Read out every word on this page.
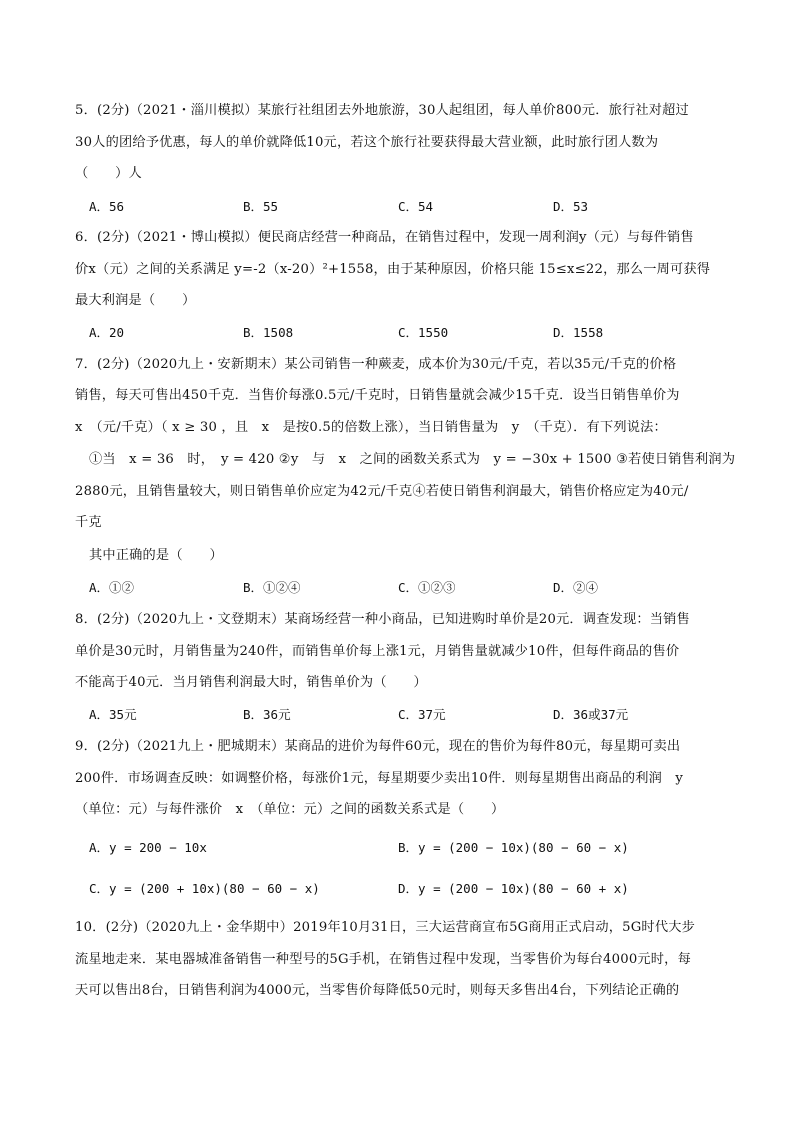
5．(2分)（2021・淄川模拟）某旅行社组团去外地旅游，30人起组团，每人单价800元．旅行社对超过
30人的团给予优惠，每人的单价就降低10元，若这个旅行社要获得最大营业额，此时旅行团人数为
（　　）人
A．56	B．55	C．54	D．53
6．(2分)（2021・博山模拟）便民商店经营一种商品，在销售过程中，发现一周利润y（元）与每件销售
价x（元）之间的关系满足 y=-2（x-20）²+1558，由于某种原因，价格只能 15≤x≤22，那么一周可获得
最大利润是（　　）
A．20	B．1508	C．1550	D．1558
7．(2分)（2020九上・安新期末）某公司销售一种蕨麦，成本价为30元/千克，若以35元/千克的价格
销售，每天可售出450千克．当售价每涨0.5元/千克时，日销售量就会减少15千克．设当日销售单价为
x　（元/千克）（ x ≥ 30 ，且　x　是按0.5的倍数上涨），当日销售量为　y　（千克）．有下列说法：
①当　x = 36　时，　y = 420 ②y　与　x　之间的函数关系式为　y = −30x + 1500 ③若使日销售利润为
2880元，且销售量较大，则日销售单价应定为42元/千克④若使日销售利润最大，销售价格应定为40元/
千克
其中正确的是（　　）
A．①②	B．①②④	C．①②③	D．②④
8．(2分)（2020九上・文登期末）某商场经营一种小商品，已知进购时单价是20元．调查发现：当销售
单价是30元时，月销售量为240件，而销售单价每上涨1元，月销售量就减少10件，但每件商品的售价
不能高于40元．当月销售利润最大时，销售单价为（　　）
A．35元	B．36元	C．37元	D．36或37元
9．(2分)（2021九上・肥城期末）某商品的进价为每件60元，现在的售价为每件80元，每星期可卖出
200件．市场调查反映：如调整价格，每涨价1元，每星期要少卖出10件．则每星期售出商品的利润　y
（单位：元）与每件涨价　x　（单位：元）之间的函数关系式是（　　）
A．y = 200 − 10x	B．y = (200 − 10x)(80 − 60 − x)
C．y = (200 + 10x)(80 − 60 − x)	D．y = (200 − 10x)(80 − 60 + x)
10．(2分)（2020九上・金华期中）2019年10月31日，三大运营商宣布5G商用正式启动，5G时代大步
流星地走来．某电器城准备销售一种型号的5G手机，在销售过程中发现，当零售价为每台4000元时，每
天可以售出8台，日销售利润为4000元，当零售价每降低50元时，则每天多售出4台，下列结论正确的
